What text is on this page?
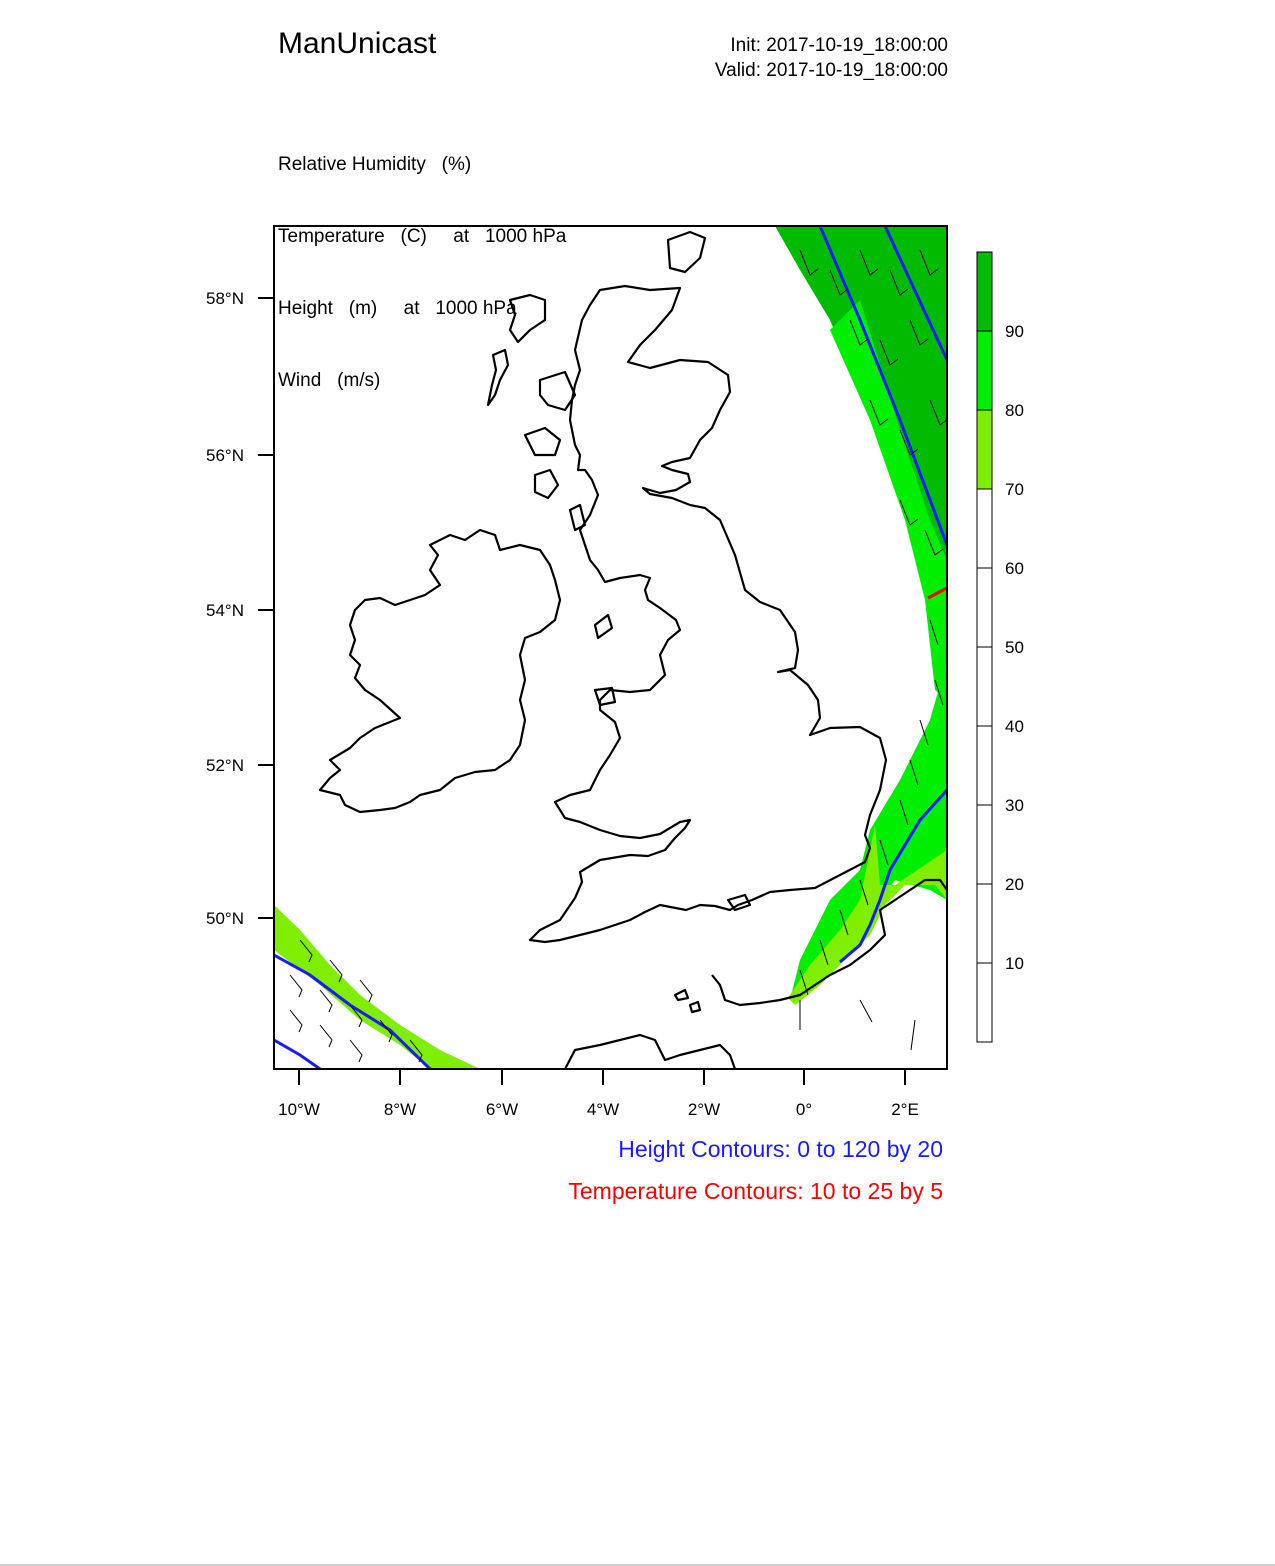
ManUnicast	Init: 2017-10-19_18:00:00
Valid: 2017-10-19_18:00:00

Relative Humidity   (%)

Temperature   (C)     at   1000 hPa

Height   (m)     at   1000 hPa

Wind   (m/s)

58°N
56°N
54°N
52°N
50°N
10°W	8°W	6°W	4°W	2°W	0°	2°E
90
80
70
60
50
40
30
20
10
Height Contours: 0 to 120 by 20
Temperature Contours: 10 to 25 by 5
